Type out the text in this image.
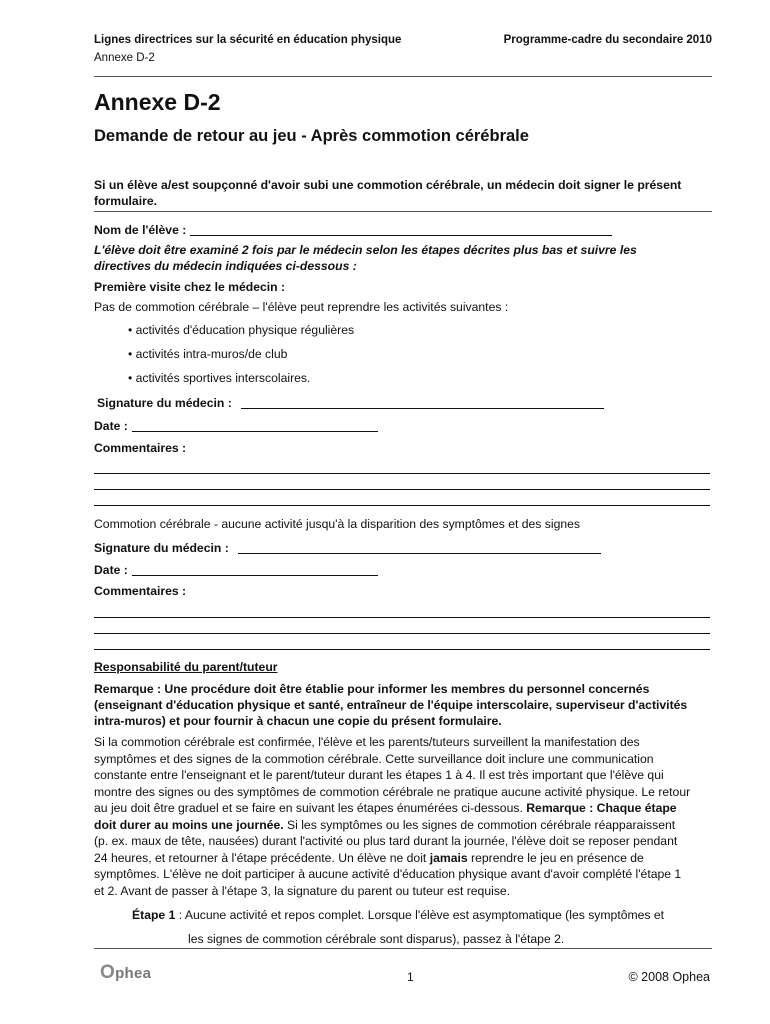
Lignes directrices sur la sécurité en éducation physique	Programme-cadre du secondaire 2010
Annexe D-2
Annexe D-2
Demande de retour au jeu - Après commotion cérébrale
Si un élève a/est soupçonné d'avoir subi une commotion cérébrale, un médecin doit signer le présent
formulaire.
Nom de l'élève :
L'élève doit être examiné 2 fois par le médecin selon les étapes décrites plus bas et suivre les
directives du médecin indiquées ci-dessous :
Première visite chez le médecin :
Pas de commotion cérébrale – l'élève peut reprendre les activités suivantes :
• activités d'éducation physique régulières
• activités intra-muros/de club
• activités sportives interscolaires.
Signature du médecin :
Date :
Commentaires :
Commotion cérébrale - aucune activité jusqu'à la disparition des symptômes et des signes
Signature du médecin :
Date :
Commentaires :
Responsabilité du parent/tuteur
Remarque : Une procédure doit être établie pour informer les membres du personnel concernés
(enseignant d'éducation physique et santé, entraîneur de l'équipe interscolaire, superviseur d'activités
intra-muros) et pour fournir à chacun une copie du présent formulaire.
Si la commotion cérébrale est confirmée, l'élève et les parents/tuteurs surveillent la manifestation des
symptômes et des signes de la commotion cérébrale. Cette surveillance doit inclure une communication
constante entre l'enseignant et le parent/tuteur durant les étapes 1 à 4. Il est très important que l'élève qui
montre des signes ou des symptômes de commotion cérébrale ne pratique aucune activité physique. Le retour
au jeu doit être graduel et se faire en suivant les étapes énumérées ci-dessous. Remarque : Chaque étape
doit durer au moins une journée. Si les symptômes ou les signes de commotion cérébrale réapparaissent
(p. ex. maux de tête, nausées) durant l'activité ou plus tard durant la journée, l'élève doit se reposer pendant
24 heures, et retourner à l'étape précédente. Un élève ne doit jamais reprendre le jeu en présence de
symptômes. L'élève ne doit participer à aucune activité d'éducation physique avant d'avoir complété l'étape 1
et 2. Avant de passer à l'étape 3, la signature du parent ou tuteur est requise.
Étape 1 : Aucune activité et repos complet. Lorsque l'élève est asymptomatique (les symptômes et
les signes de commotion cérébrale sont disparus), passez à l'étape 2.
Ophea	1	© 2008 Ophea
